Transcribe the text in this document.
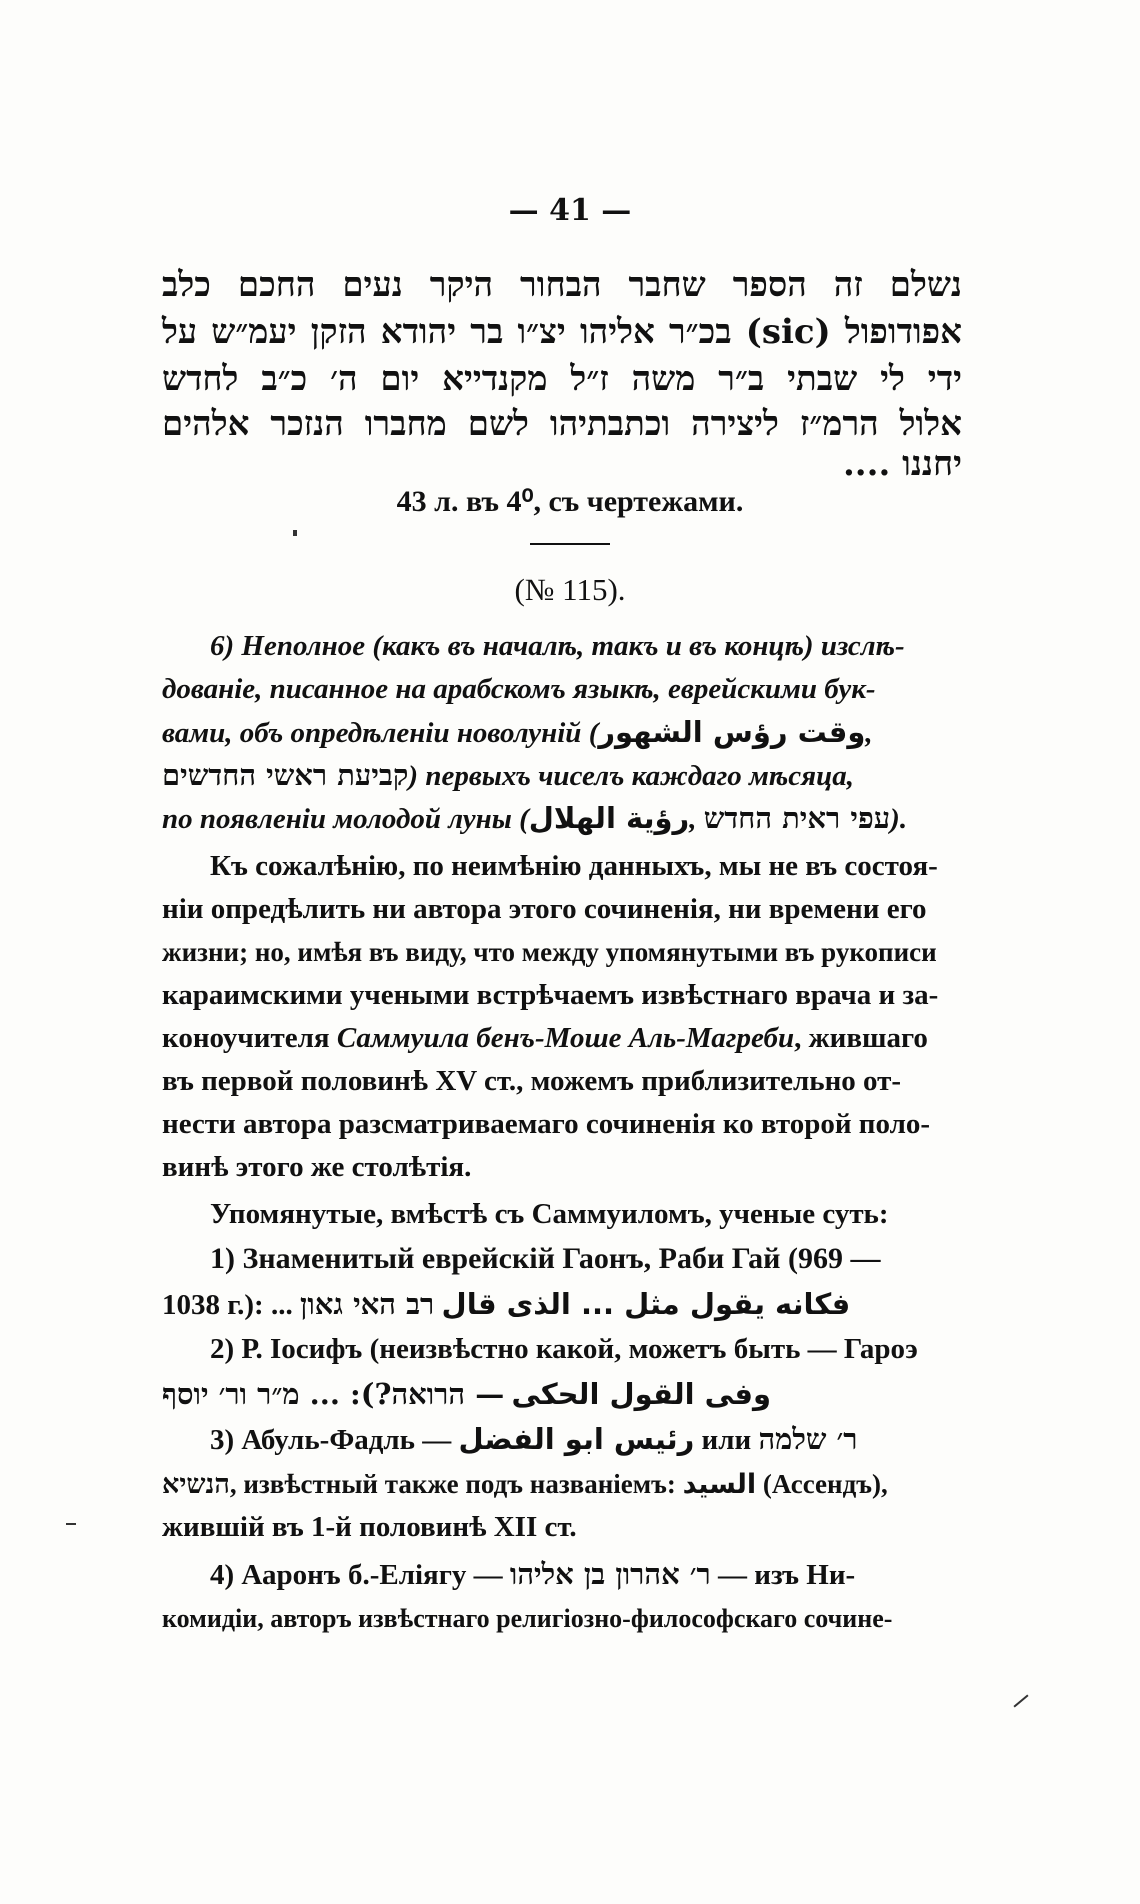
— 41 —
נשלם זה הספר שחבר הבחור היקר נעים החכם כלב
אפודופול (sic) בכ״ר אליהו יצ״ו בר יהודא הזקן יעמ״ש על
ידי לי שבתי ב״ר משה ז״ל מקנדייא יום ה׳ כ״ב לחדש
אלול הרמ״ז ליצירה וכתבתיהו לשם מחברו הנזכר אלהים
יחננו ....
43 л. въ 4⁰, съ чертежами.
(№ 115).
6) Неполное (какъ въ началѣ, такъ и въ концѣ) изслѣ-
дованіе, писанное на арабскомъ языкѣ, еврейскими бук-
вами, объ опредѣленіи новолуній (وقت رؤس الشهور,
קביעת ראשי החדשים) первыхъ чиселъ каждаго мѣсяца,
по появленіи молодой луны (رؤية الهلال, עפי ראית החדש).
Къ сожалѣнію, по неимѣнію данныхъ, мы не въ состоя-
ніи опредѣлить ни автора этого сочиненія, ни времени его
жизни; но, имѣя въ виду, что между упомянутыми въ рукописи
караимскими учеными встрѣчаемъ извѣстнаго врача и за-
коноучителя Саммуила бенъ-Моше Аль-Магреби, жившаго
въ первой половинѣ XV ст., можемъ приблизительно от-
нести автора разсматриваемаго сочиненія ко второй поло-
винѣ этого же столѣтія.
Упомянутые, вмѣстѣ съ Саммуиломъ, ученые суть:
1) Знаменитый еврейскій Гаонъ, Раби Гай (969 —
1038 г.): ... רב האי גאון فكانه يقول مثل ... الذى قال
2) Р. Іосифъ (неизвѣстно какой, можетъ быть — Гароэ
— הרואה?): ... מ״ר ור׳ יוסף وفى القول الحكى
3) Абуль-Фадль — رئيس ابو الفضل или ר׳ שלמה
הנשיא, извѣстный также подъ названіемъ: السيد (Ассендъ),
жившій въ 1-й половинѣ XII ст.
4) Ааронъ б.-Еліягу — ר׳ אהרון בן אליהו — изъ Ни-
комидіи, авторъ извѣстнаго религіозно-философскаго сочине-
